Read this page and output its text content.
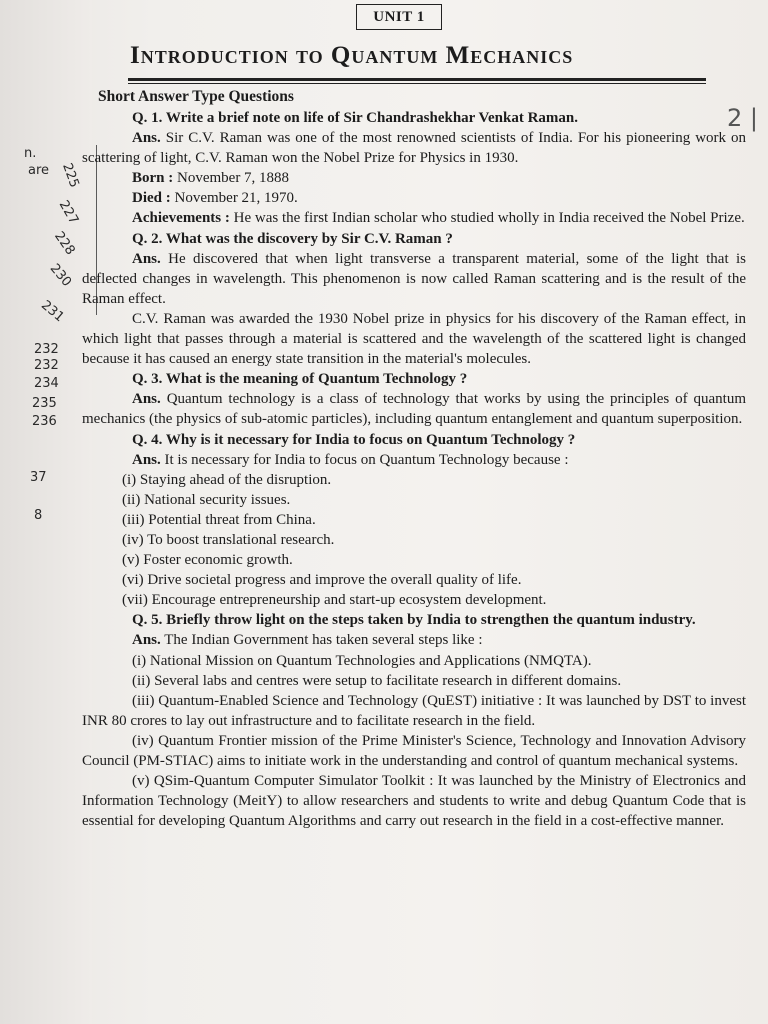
n.
are 225
227
228
230
231
232
232
234
235
236
37
8
2 |
UNIT 1
Introduction to Quantum Mechanics
Short Answer Type Questions

Q. 1. Write a brief note on life of Sir Chandrashekhar Venkat Raman.

Ans. Sir C.V. Raman was one of the most renowned scientists of India. For his pioneering work on scattering of light, C.V. Raman won the Nobel Prize for Physics in 1930.

Born : November 7, 1888

Died : November 21, 1970.

Achievements : He was the first Indian scholar who studied wholly in India received the Nobel Prize.

Q. 2. What was the discovery by Sir C.V. Raman ?

Ans. He discovered that when light transverse a transparent material, some of the light that is deflected changes in wavelength. This phenomenon is now called Raman scattering and is the result of the Raman effect.

C.V. Raman was awarded the 1930 Nobel prize in physics for his discovery of the Raman effect, in which light that passes through a material is scattered and the wavelength of the scattered light is changed because it has caused an energy state transition in the material's molecules.

Q. 3. What is the meaning of Quantum Technology ?

Ans. Quantum technology is a class of technology that works by using the principles of quantum mechanics (the physics of sub-atomic particles), including quantum entanglement and quantum superposition.

Q. 4. Why is it necessary for India to focus on Quantum Technology ?

Ans. It is necessary for India to focus on Quantum Technology because :

(i) Staying ahead of the disruption.
(ii) National security issues.
(iii) Potential threat from China.
(iv) To boost translational research.
(v) Foster economic growth.
(vi) Drive societal progress and improve the overall quality of life.
(vii) Encourage entrepreneurship and start-up ecosystem development.

Q. 5. Briefly throw light on the steps taken by India to strengthen the quantum industry.

Ans. The Indian Government has taken several steps like :

(i) National Mission on Quantum Technologies and Applications (NMQTA).

(ii) Several labs and centres were setup to facilitate research in different domains.

(iii) Quantum-Enabled Science and Technology (QuEST) initiative : It was launched by DST to invest INR 80 crores to lay out infrastructure and to facilitate research in the field.

(iv) Quantum Frontier mission of the Prime Minister's Science, Technology and Innovation Advisory Council (PM-STIAC) aims to initiate work in the understanding and control of quantum mechanical systems.

(v) QSim-Quantum Computer Simulator Toolkit : It was launched by the Ministry of Electronics and Information Technology (MeitY) to allow researchers and students to write and debug Quantum Code that is essential for developing Quantum Algorithms and carry out research in the field in a cost-effective manner.
